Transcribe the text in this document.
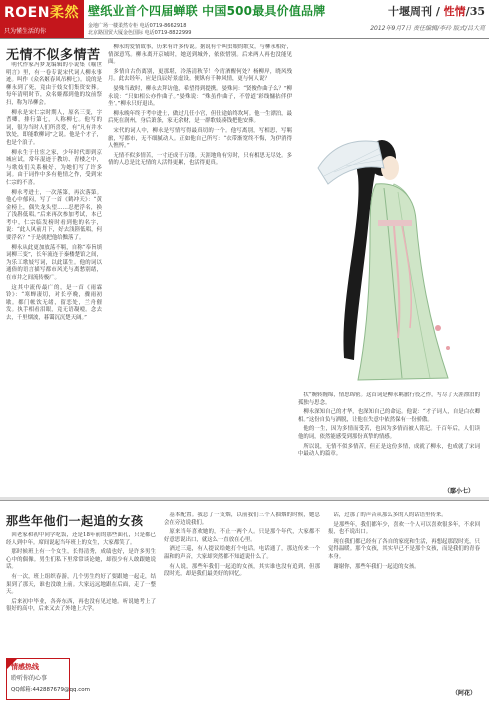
ROEN柔然
只为懂生活的你
壁纸业首个四届蝉联 中国500最具价值品牌
金地广场一楼柔然专柜 电话0719-8662918
北京路国贸大厦金色国际 电话0719-8822999
十堰周刊 / 性情/35
2012年9月7日 责任编辑/李玲 版式/吕大亮
无情不似多情苦

明代作家冯梦龙编辑的小说集《喻世明言》里，有一卷专说宋代词人柳永事迹。叫作《众名姬春风吊柳七》。说的是柳永到了死，竟由于妓女们集资安葬。每年清明时节，众名姬都到他的坟前祭扫，称为吊柳会。

柳永是宋仁宗时期人，原名三变，字耆卿，排行第七，人称柳七。他写的词，很为当时人们所喜爱，有“凡有井水饮处，即能歌柳词”之说。他是个才子，也是个浪子。

柳永生于仕宦之家，少年时代即到京城应试，常年混迹于教坊、青楼之中，与歌妓们关系极好，为她们写了许多词。由于词作中多有艳情之作，受到宋仁宗的不喜。

柳永考进士，一次落第，再次落第。他心中郁闷，写了一首《鹤冲天》：“黄金榜上，偶失龙头望……忍把浮名，换了浅斟低唱。”后来再次参加考试，本已考中，仁宗临发榜时看到他的名字，说：“此人风前月下，好去浅斟低唱，何要浮名？”于是就把他给黜落了。

柳永从此更加放荡不羁，自称“奉旨填词柳三变”，长年流连于秦楼楚馆之间，为乐工歌妓写词，以此谋生。他的词以通俗的语言描写都市风光与离愁别绪，在市井之间流传极广。

这其中流传最广的，是一首《雨霖铃》：“寒蝉凄切，对长亭晚，骤雨初歇。都门帐饮无绪，留恋处，兰舟催发。执手相看泪眼，竟无语凝噎。念去去，千里烟波，暮霭沉沉楚天阔。”

柳永的爱情故事，历来有许多传说。据说有个叫虫娘的歌女，与柳永相好，情深意笃。柳永离开京城时，她送到城外，依依惜别。后来两人再也没能见面。

多情自古伤离别，更那堪，冷落清秋节！今宵酒醒何处？杨柳岸，晓风残月。此去经年，应是良辰好景虚设。便纵有千种风情，更与何人说？

晏殊当政时，柳永去拜访他，希望得到提携。晏殊问：“贤俊作曲子么？”柳永说：“只如相公亦作曲子。”晏殊说：“殊虽作曲子，不曾道‘彩线慵拈伴伊坐’。”柳永只好退出。

柳永晚年终于考中进士，做过几任小官，但仕途始终坎坷。他一生漂泊，最后死在润州，身后萧条，家无余财，是一群歌妓凑钱把他安葬。

宋代的词人中，柳永是写情写得最真切的一个。他写离别，写相思，写羁旅，写都市，无不细腻动人。正如他自己所写：“衣带渐宽终不悔，为伊消得人憔悴。”

无情不似多情苦，一寸还成千万缕。天涯地角有穷时，只有相思无尽处。多情的人总是比无情的人活得更累，也活得更真。

状”婉转缠绵，情思绵密。这首词是柳永羁旅行役之作，写尽了天涯漂泊的孤独与思念。

柳永深知自己的才华，也深知自己的命运。他说：“才子词人，自是白衣卿相。”这份自负与洒脱，让他在失意中依然保有一份骄傲。

他的一生，因为多情而受苦，也因为多情而被人铭记。千百年后，人们读他的词，依然能感受到那份真挚的情感。

所以说，无情不似多情苦，但正是这份多情，成就了柳永，也成就了宋词中最动人的篇章。

（鄢小七）
那些年他们一起追的女孩

回老家和初中同学吃饭，还是18年前的那些面孔，只是都已经人到中年。席间说起当年班上的女生，大家都笑了。

那时候班上有一个女生，长得清秀，成绩也好，是许多男生心中的偶像。男生们私下里常常谈论她，却很少有人敢跟她说话。

有一次，班上组织春游，几个男生约好了要跟她一起走，结果到了那天，谁也没敢上前。大家远远地跟在后面，走了一整天。

后来初中毕业，各奔东西，再也没有见过她。听说她考上了很好的高中，后来又去了外地上大学。

情感热线
聆听你的心事
QQ邮箱:442887679@qq.com

基本配置。我总了一支烟，以前我们三个人抽烟的时候，她总会在旁边说我们。

原来当年喜欢她的，不止一两个人。只是那个年代，大家都不好意思说出口，就这么一直放在心里。

酒过三巡，有人提议给她打个电话。电话通了，那边传来一个温和的声音，大家却突然都不知道说什么了。

有人说，那些年我们一起追的女孩，其实谁也没有追到，但那段时光，却是我们最美好的回忆。

话，过那了的声音从那么多的人的话语里传来。

是那些年，我们都年少，喜欢一个人可以喜欢很多年，不求回报，也不说出口。

现在我们都已经有了各自的家庭和生活，再想起那段时光，只觉得温暖。那个女孩，其实早已不是那个女孩，而是我们的青春本身。

谢谢你，那些年我们一起追的女孩。

（阿花）
